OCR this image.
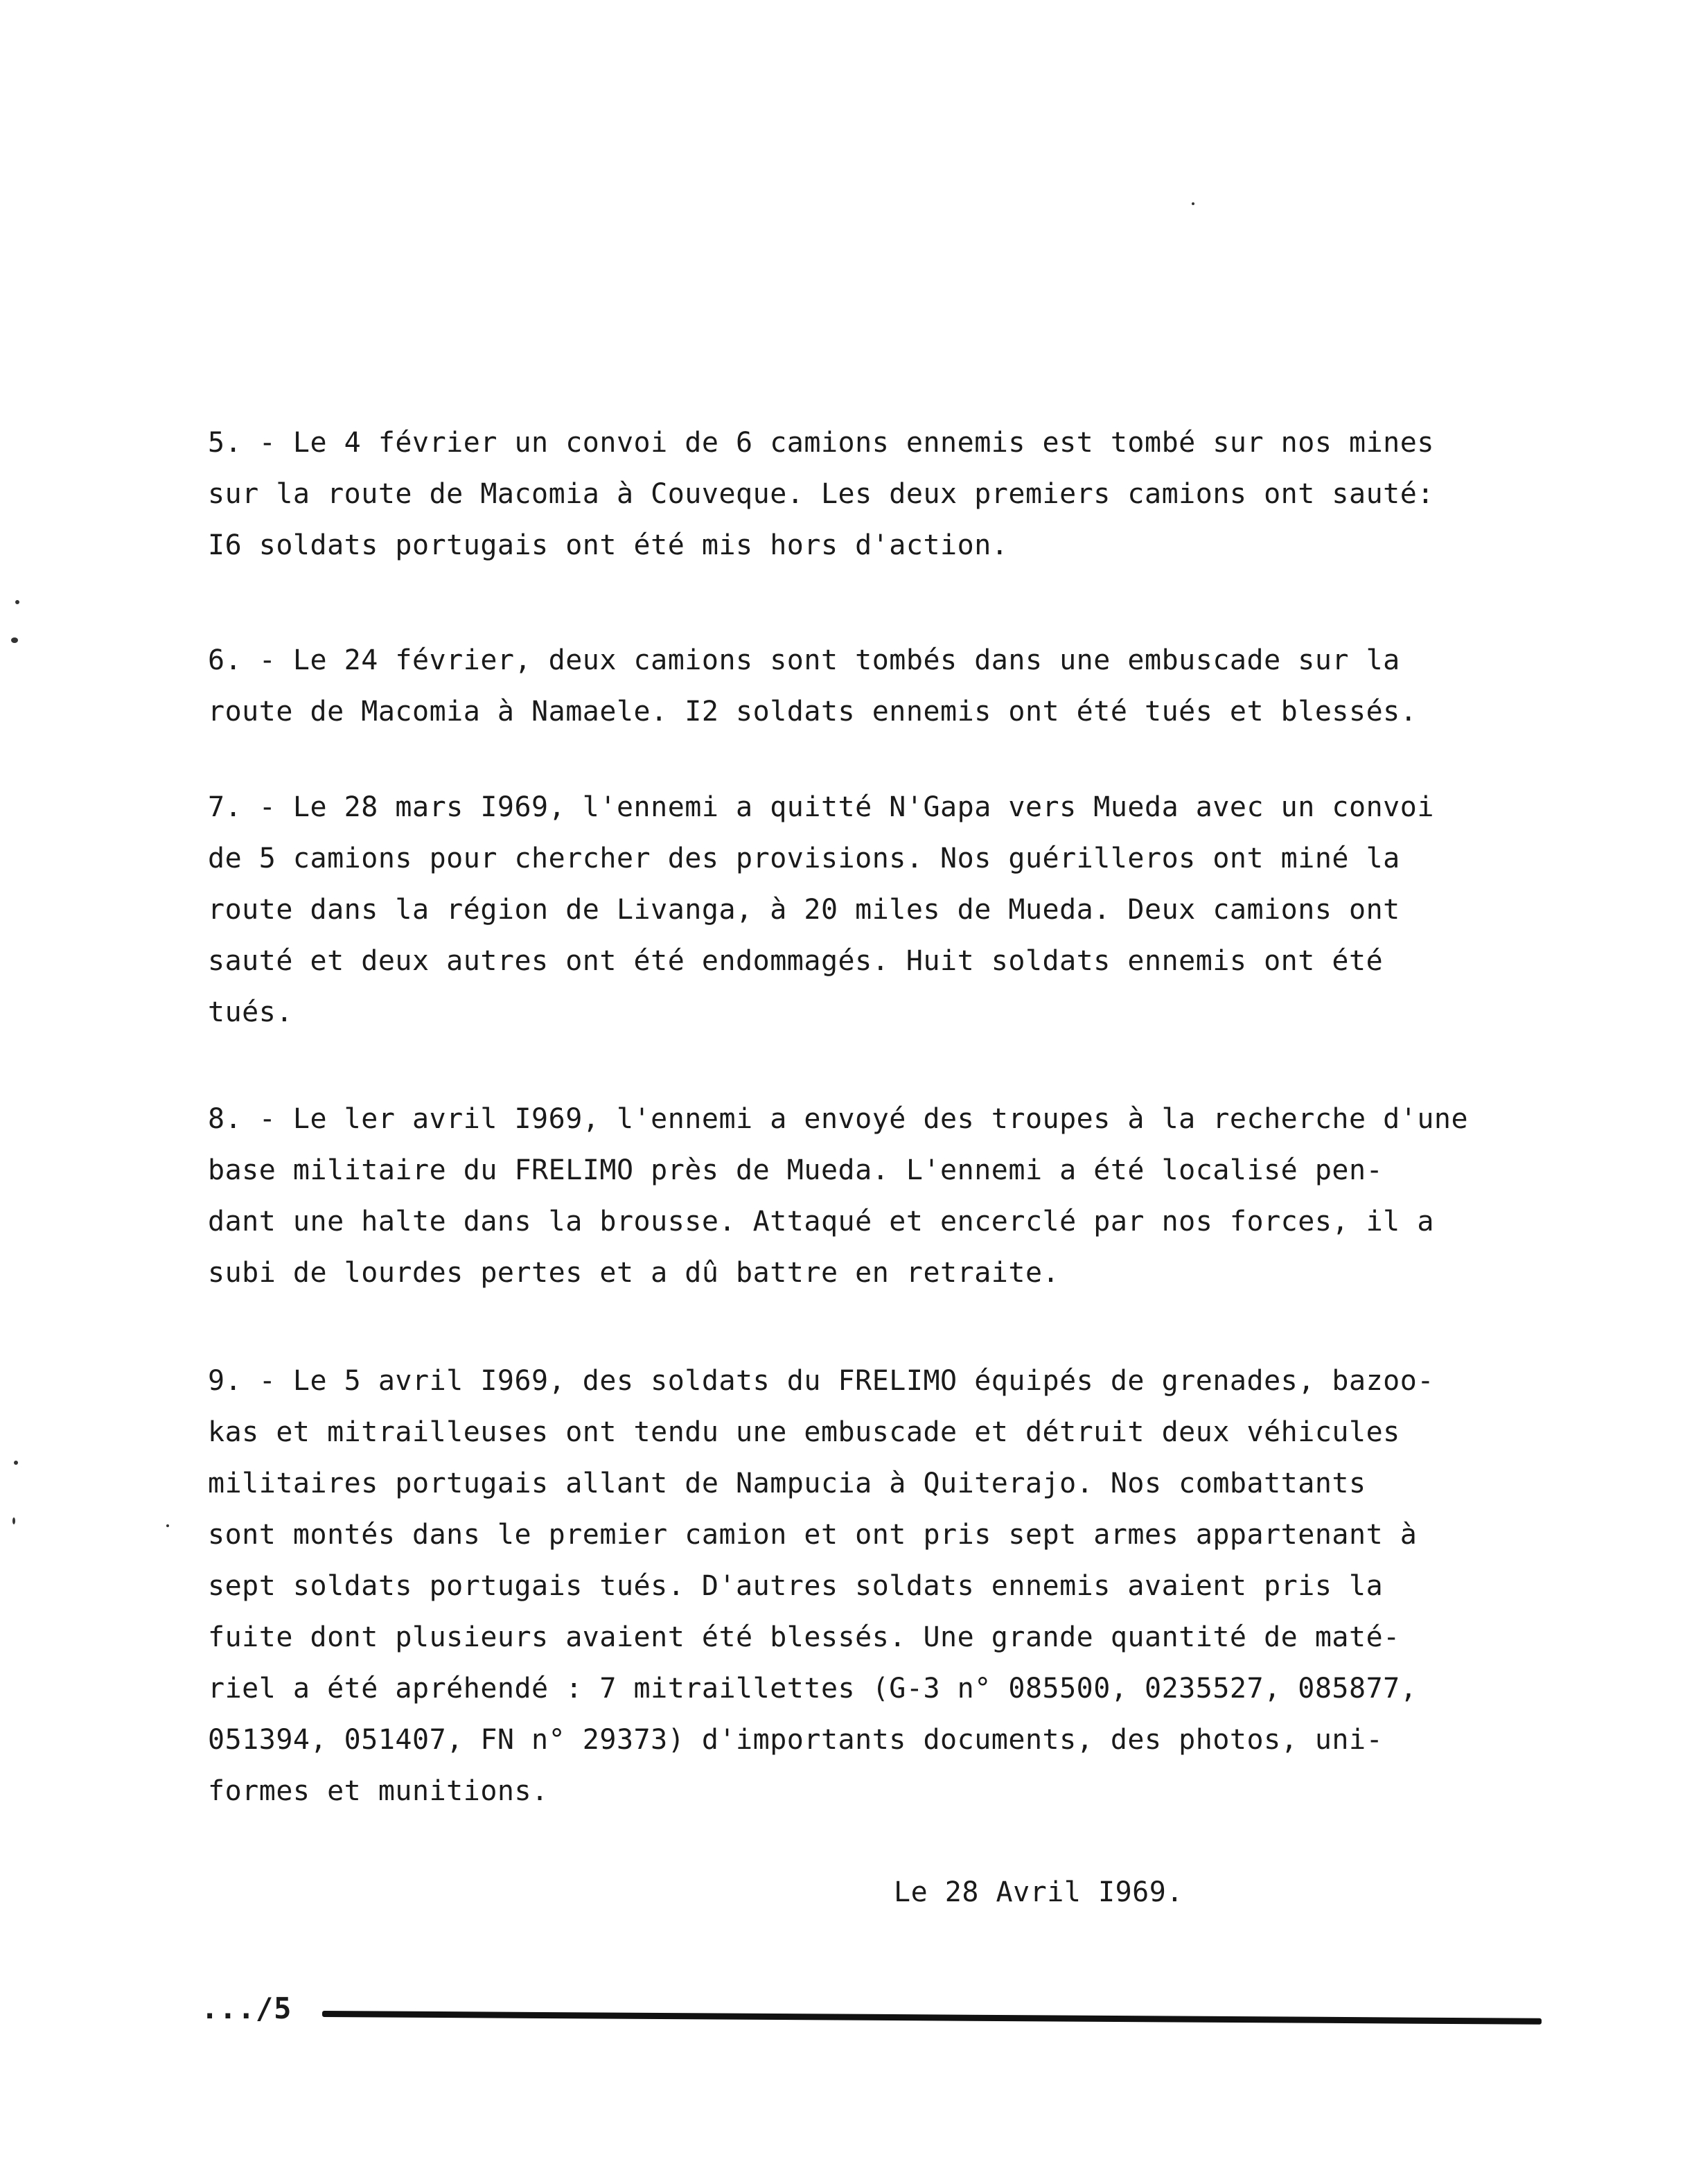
5. - Le 4 février un convoi de 6 camions ennemis est tombé sur nos mines
sur la route de Macomia à Couveque. Les deux premiers camions ont sauté:
I6 soldats portugais ont été mis hors d'action.

6. - Le 24 février, deux camions sont tombés dans une embuscade sur la
route de Macomia à Namaele. I2 soldats ennemis ont été tués et blessés.

7. - Le 28 mars I969, l'ennemi a quitté N'Gapa vers Mueda avec un convoi
de 5 camions pour chercher des provisions. Nos guérilleros ont miné la
route dans la région de Livanga, à 20 miles de Mueda. Deux camions ont
sauté et deux autres ont été endommagés. Huit soldats ennemis ont été
tués.

8. - Le ler avril I969, l'ennemi a envoyé des troupes à la recherche d'une
base militaire du FRELIMO près de Mueda. L'ennemi a été localisé pen-
dant une halte dans la brousse. Attaqué et encerclé par nos forces, il a
subi de lourdes pertes et a dû battre en retraite.

9. - Le 5 avril I969, des soldats du FRELIMO équipés de grenades, bazoo-
kas et mitrailleuses ont tendu une embuscade et détruit deux véhicules
militaires portugais allant de Nampucia à Quiterajo. Nos combattants
sont montés dans le premier camion et ont pris sept armes appartenant à
sept soldats portugais tués. D'autres soldats ennemis avaient pris la
fuite dont plusieurs avaient été blessés. Une grande quantité de maté-
riel a été apréhendé : 7 mitraillettes (G-3 n° 085500, 0235527, 085877,
051394, 051407, FN n° 29373) d'importants documents, des photos, uni-
formes et munitions.

Le 28 Avril I969.

.../5
